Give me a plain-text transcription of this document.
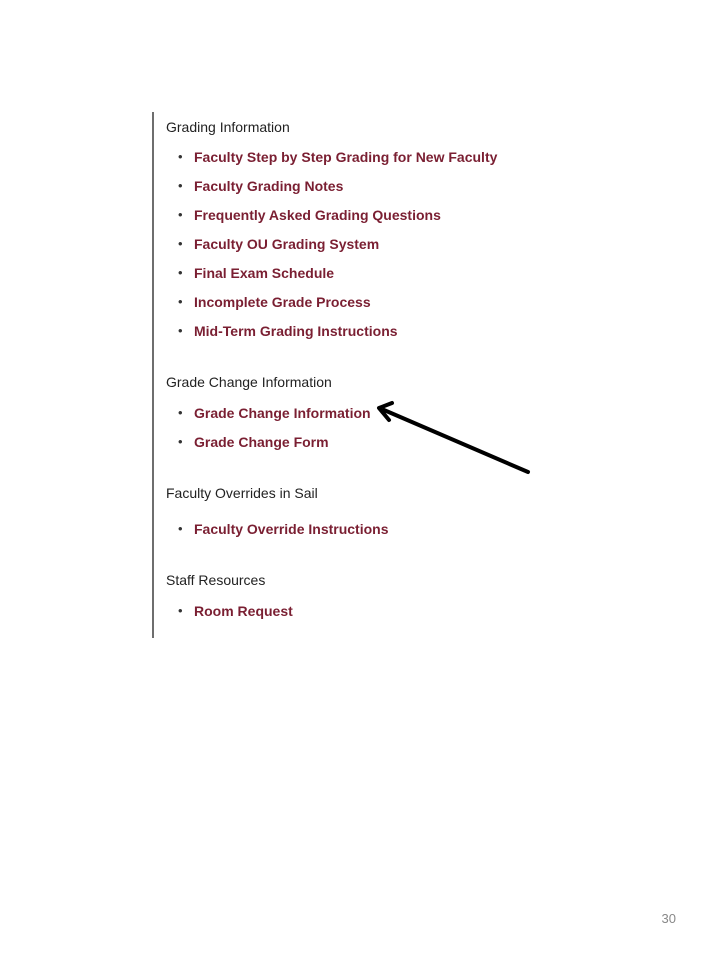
Grading Information
• Faculty Step by Step Grading for New Faculty
• Faculty Grading Notes
• Frequently Asked Grading Questions
• Faculty OU Grading System
• Final Exam Schedule
• Incomplete Grade Process
• Mid-Term Grading Instructions
Grade Change Information
• Grade Change Information
• Grade Change Form
Faculty Overrides in Sail
• Faculty Override Instructions
Staff Resources
• Room Request
30
